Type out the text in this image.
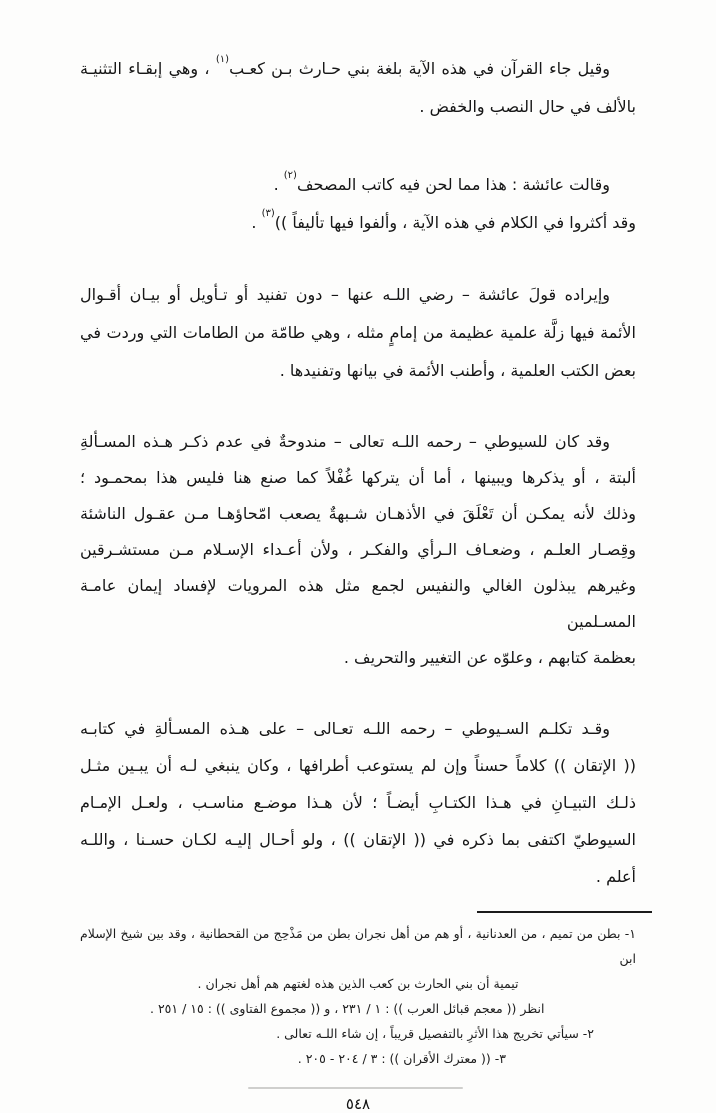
وقيل جاء القرآن في هذه الآية بلغة بني حـارث بـن كعـب$^{(١)}$ ، وهي إبقـاء التثنيـة
بالألف في حال النصب والخفض .
وقالت عائشة : هذا مما لحن فيه كاتب المصحف$^{(٢)}$ .
وقد أكثروا في الكلام في هذه الآية ، وألفوا فيها تأليفاً ))$^{(٣)}$ .
وإيراده قولَ عائشة – رضي اللـه عنها – دون تفنيد أو تـأويل أو بيـان أقـوال
الأئمة فيها زلَّة علمية عظيمة من إمامٍ مثله ، وهي طامّة من الطامات التي وردت في
بعض الكتب العلمية ، وأطنب الأئمة في بيانها وتفنيدها .
وقد كان للسيوطي – رحمه اللـه تعالى – مندوحةٌ في عدم ذكـر هـذه المسـألةِ
ألبتة ، أو يذكرها ويبينها ، أما أن يتركها غُفْلاً كما صنع هنا فليس هذا بمحمـود ؛
وذلك لأنه يمكـن أن تَعْلَقَ في الأذهـان شـبهةٌ يصعب امّحاؤهـا مـن عقـول الناشئة
وقِصـار العلـم ، وضعـاف الـرأي والفكـر ، ولأن أعـداء الإسـلام مـن مستشـرقين
وغيرهم يبذلون الغالي والنفيس لجمع مثل هذه المرويات لإفساد إيمان عامـة المسـلمين
بعظمة كتابهم ، وعلوّه عن التغيير والتحريف .
وقـد تكلـم السـيوطي – رحمه اللـه تعـالى – على هـذه المسـألةِ في كتابـه
(( الإتقان )) كلاماً حسناً وإن لم يستوعب أطرافها ، وكان ينبغي لـه أن يبـين مثـل
ذلـك التبيـانِ في هـذا الكتـابِ أيضـاً ؛ لأن هـذا موضـع مناسـب ، ولعـل الإمـام
السيوطيّ اكتفى بما ذكره في (( الإتقان )) ، ولو أحـال إليـه لكـان حسـنا ، واللـه
أعلم .
١- بطن من تميم ، من العدنانية ، أو هم من أهل نجران بطن من مَذْحِج من القحطانية ، وقد بين شيخ الإسلام ابن
تيمية أن بني الحارث بن كعب الذين هذه لغتهم هم أهل نجران .
انظر (( معجم قبائل العرب )) : ١ / ٢٣١ ، و (( مجموع الفتاوى )) : ١٥ / ٢٥١ .
٢- سيأتي تخريج هذا الأثرِ بالتفصيل قريباً ، إن شاء اللـه تعالى .
٣- (( معترك الأقران )) : ٣ / ٢٠٤ - ٢٠٥ .
٥٤٨
